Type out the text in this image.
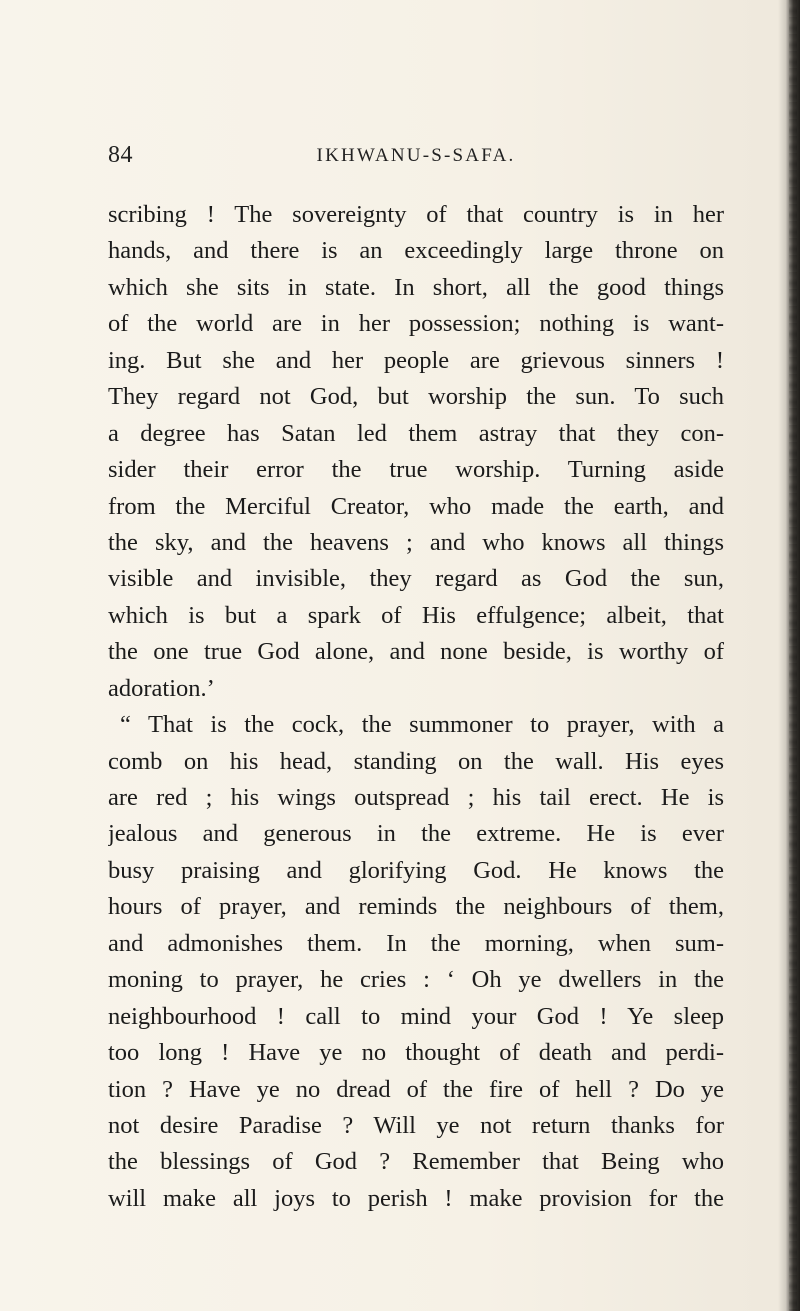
84	IKHWANU-S-SAFA.
scribing ! The sovereignty of that country is in her
hands, and there is an exceedingly large throne on
which she sits in state. In short, all the good things
of the world are in her possession; nothing is want-
ing. But she and her people are grievous sinners !
They regard not God, but worship the sun. To such
a degree has Satan led them astray that they con-
sider their error the true worship. Turning aside
from the Merciful Creator, who made the earth, and
the sky, and the heavens ; and who knows all things
visible and invisible, they regard as God the sun,
which is but a spark of His effulgence; albeit, that
the one true God alone, and none beside, is worthy of
adoration.’
“ That is the cock, the summoner to prayer, with a
comb on his head, standing on the wall. His eyes
are red ; his wings outspread ; his tail erect. He is
jealous and generous in the extreme. He is ever
busy praising and glorifying God. He knows the
hours of prayer, and reminds the neighbours of them,
and admonishes them. In the morning, when sum-
moning to prayer, he cries : ‘ Oh ye dwellers in the
neighbourhood ! call to mind your God ! Ye sleep
too long ! Have ye no thought of death and perdi-
tion ? Have ye no dread of the fire of hell ? Do ye
not desire Paradise ? Will ye not return thanks for
the blessings of God ? Remember that Being who
will make all joys to perish ! make provision for the
